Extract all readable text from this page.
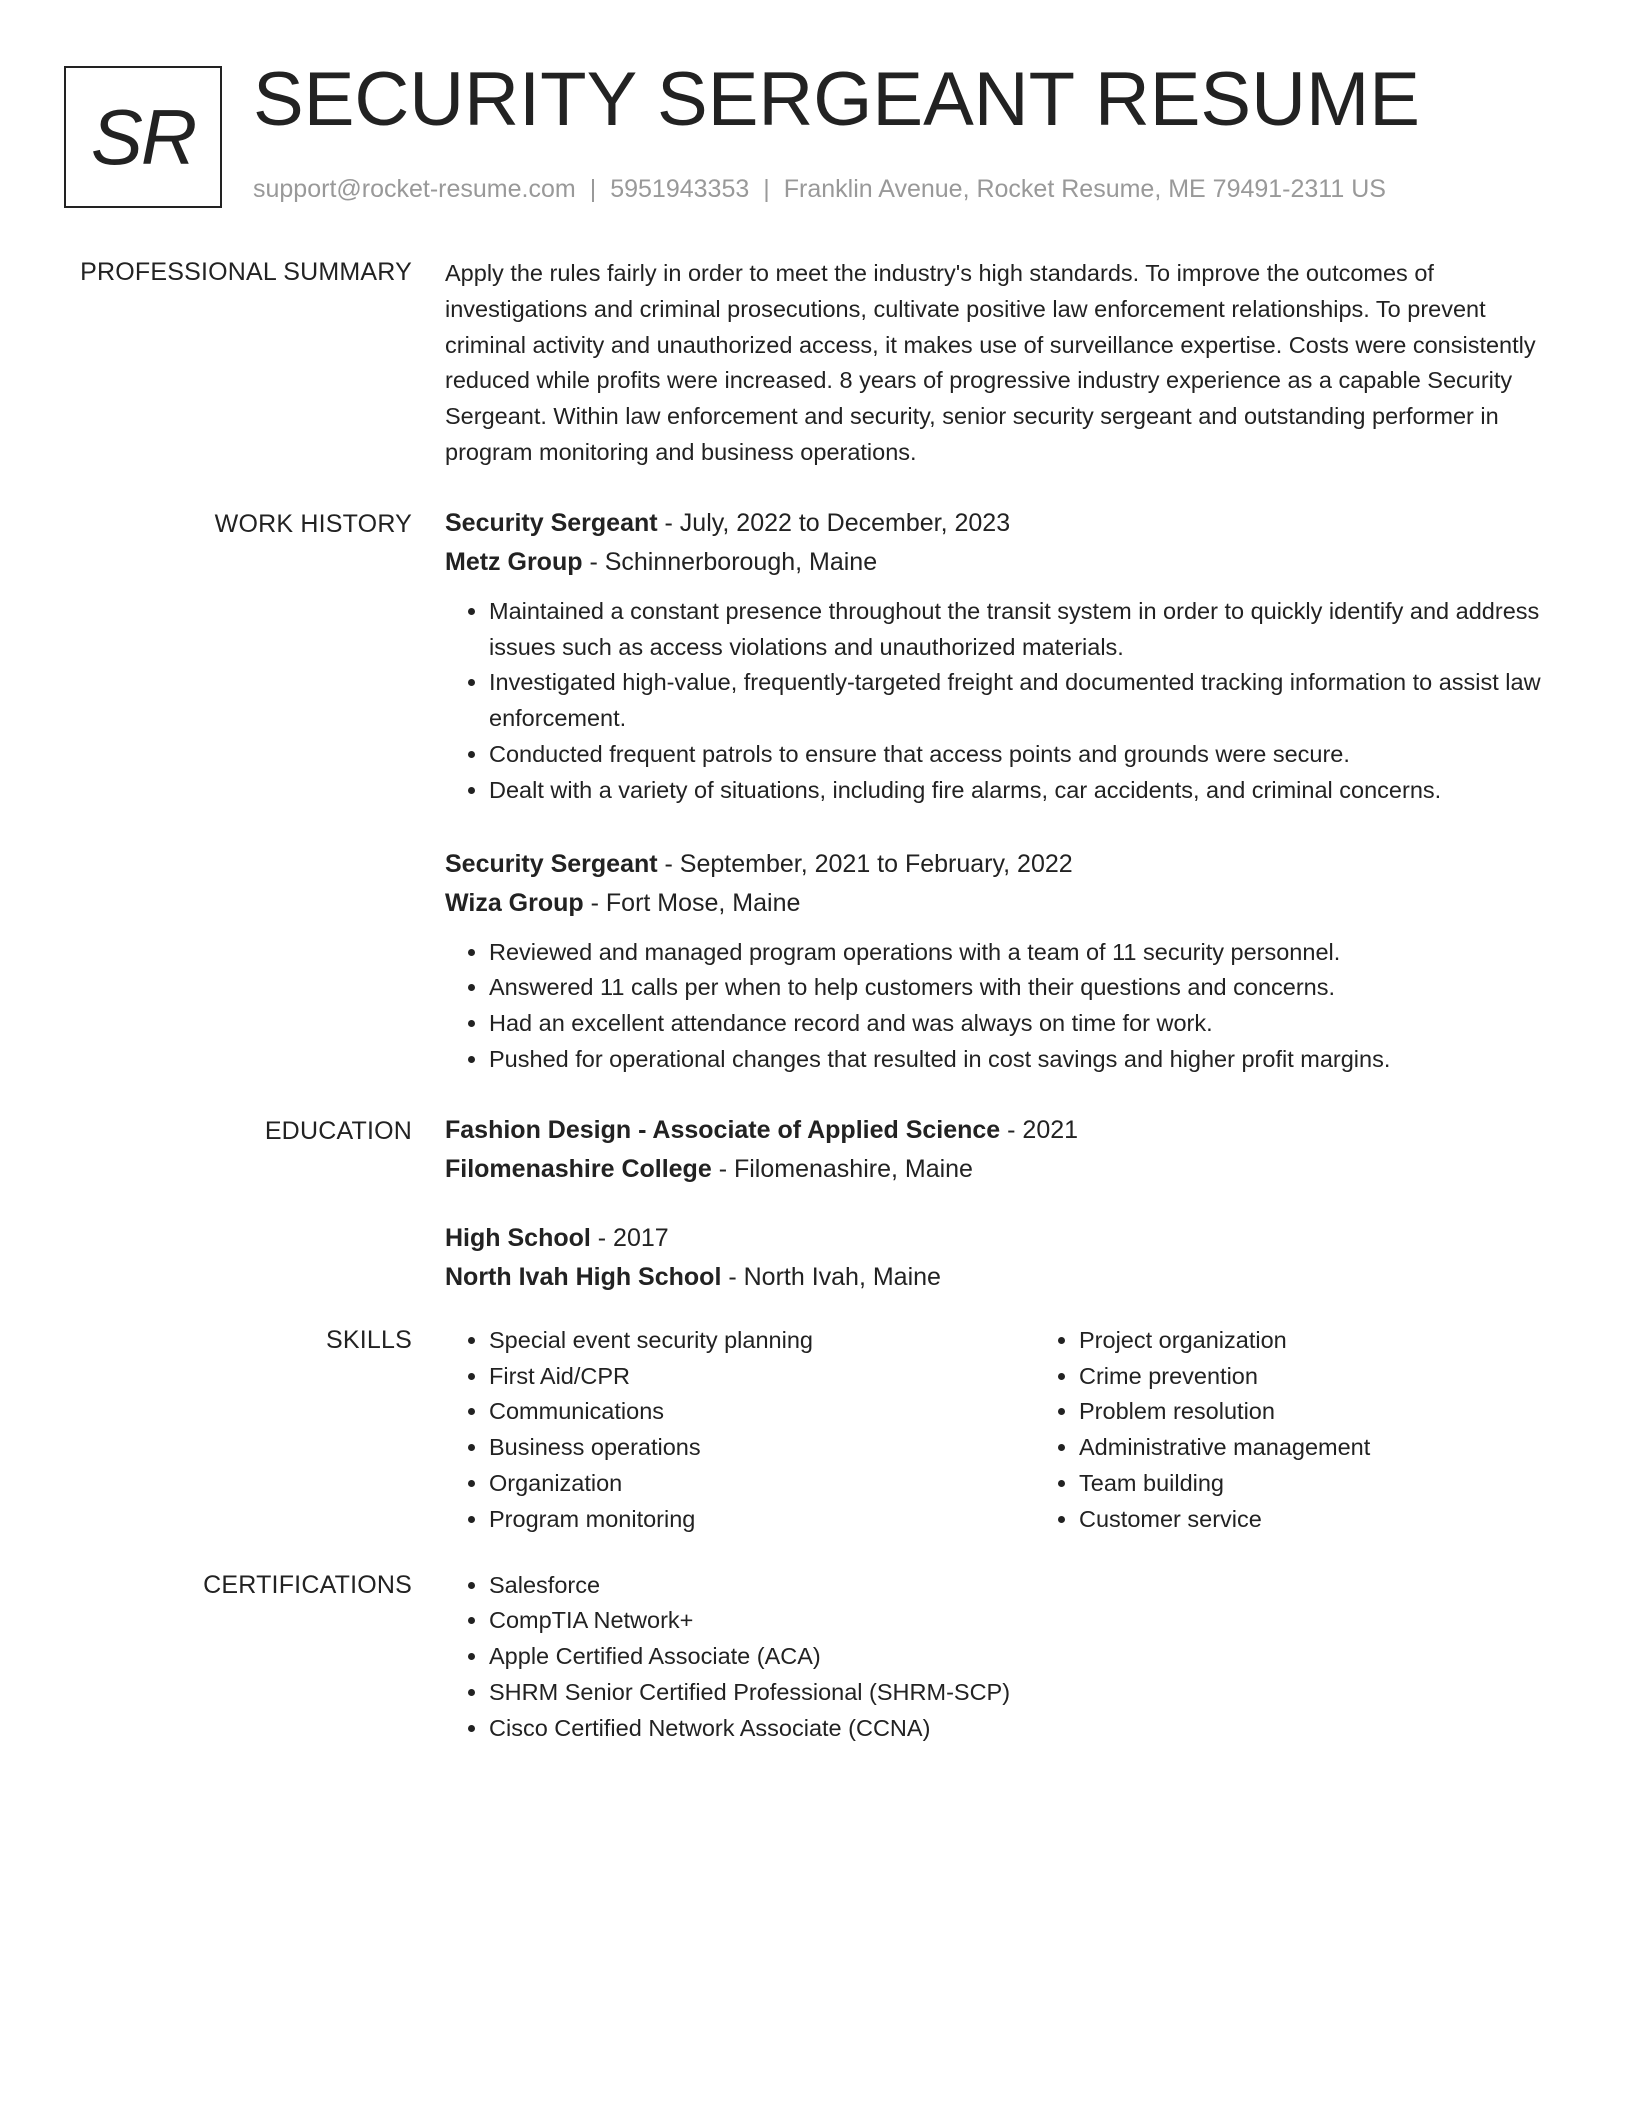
SR SECURITY SERGEANT RESUME
support@rocket-resume.com | 5951943353 | Franklin Avenue, Rocket Resume, ME 79491-2311 US
PROFESSIONAL SUMMARY Apply the rules fairly in order to meet the industry's high standards. To improve the outcomes of investigations and criminal prosecutions, cultivate positive law enforcement relationships. To prevent criminal activity and unauthorized access, it makes use of surveillance expertise. Costs were consistently reduced while profits were increased. 8 years of progressive industry experience as a capable Security Sergeant. Within law enforcement and security, senior security sergeant and outstanding performer in program monitoring and business operations.

WORK HISTORY Security Sergeant - July, 2022 to December, 2023
Metz Group - Schinnerborough, Maine
• Maintained a constant presence throughout the transit system in order to quickly identify and address issues such as access violations and unauthorized materials.
• Investigated high-value, frequently-targeted freight and documented tracking information to assist law enforcement.
• Conducted frequent patrols to ensure that access points and grounds were secure.
• Dealt with a variety of situations, including fire alarms, car accidents, and criminal concerns.
Security Sergeant - September, 2021 to February, 2022
Wiza Group - Fort Mose, Maine
• Reviewed and managed program operations with a team of 11 security personnel.
• Answered 11 calls per when to help customers with their questions and concerns.
• Had an excellent attendance record and was always on time for work.
• Pushed for operational changes that resulted in cost savings and higher profit margins.
EDUCATION Fashion Design - Associate of Applied Science - 2021
Filomenashire College - Filomenashire, Maine
High School - 2017
North Ivah High School - North Ivah, Maine
SKILLS	• Special event security planning
• First Aid/CPR
• Communications
• Business operations
• Organization
• Program monitoring
• Project organization
• Crime prevention
• Problem resolution
• Administrative management
• Team building
• Customer service
CERTIFICATIONS	• Salesforce
• CompTIA Network+
• Apple Certified Associate (ACA)
• SHRM Senior Certified Professional (SHRM-SCP)
• Cisco Certified Network Associate (CCNA)
